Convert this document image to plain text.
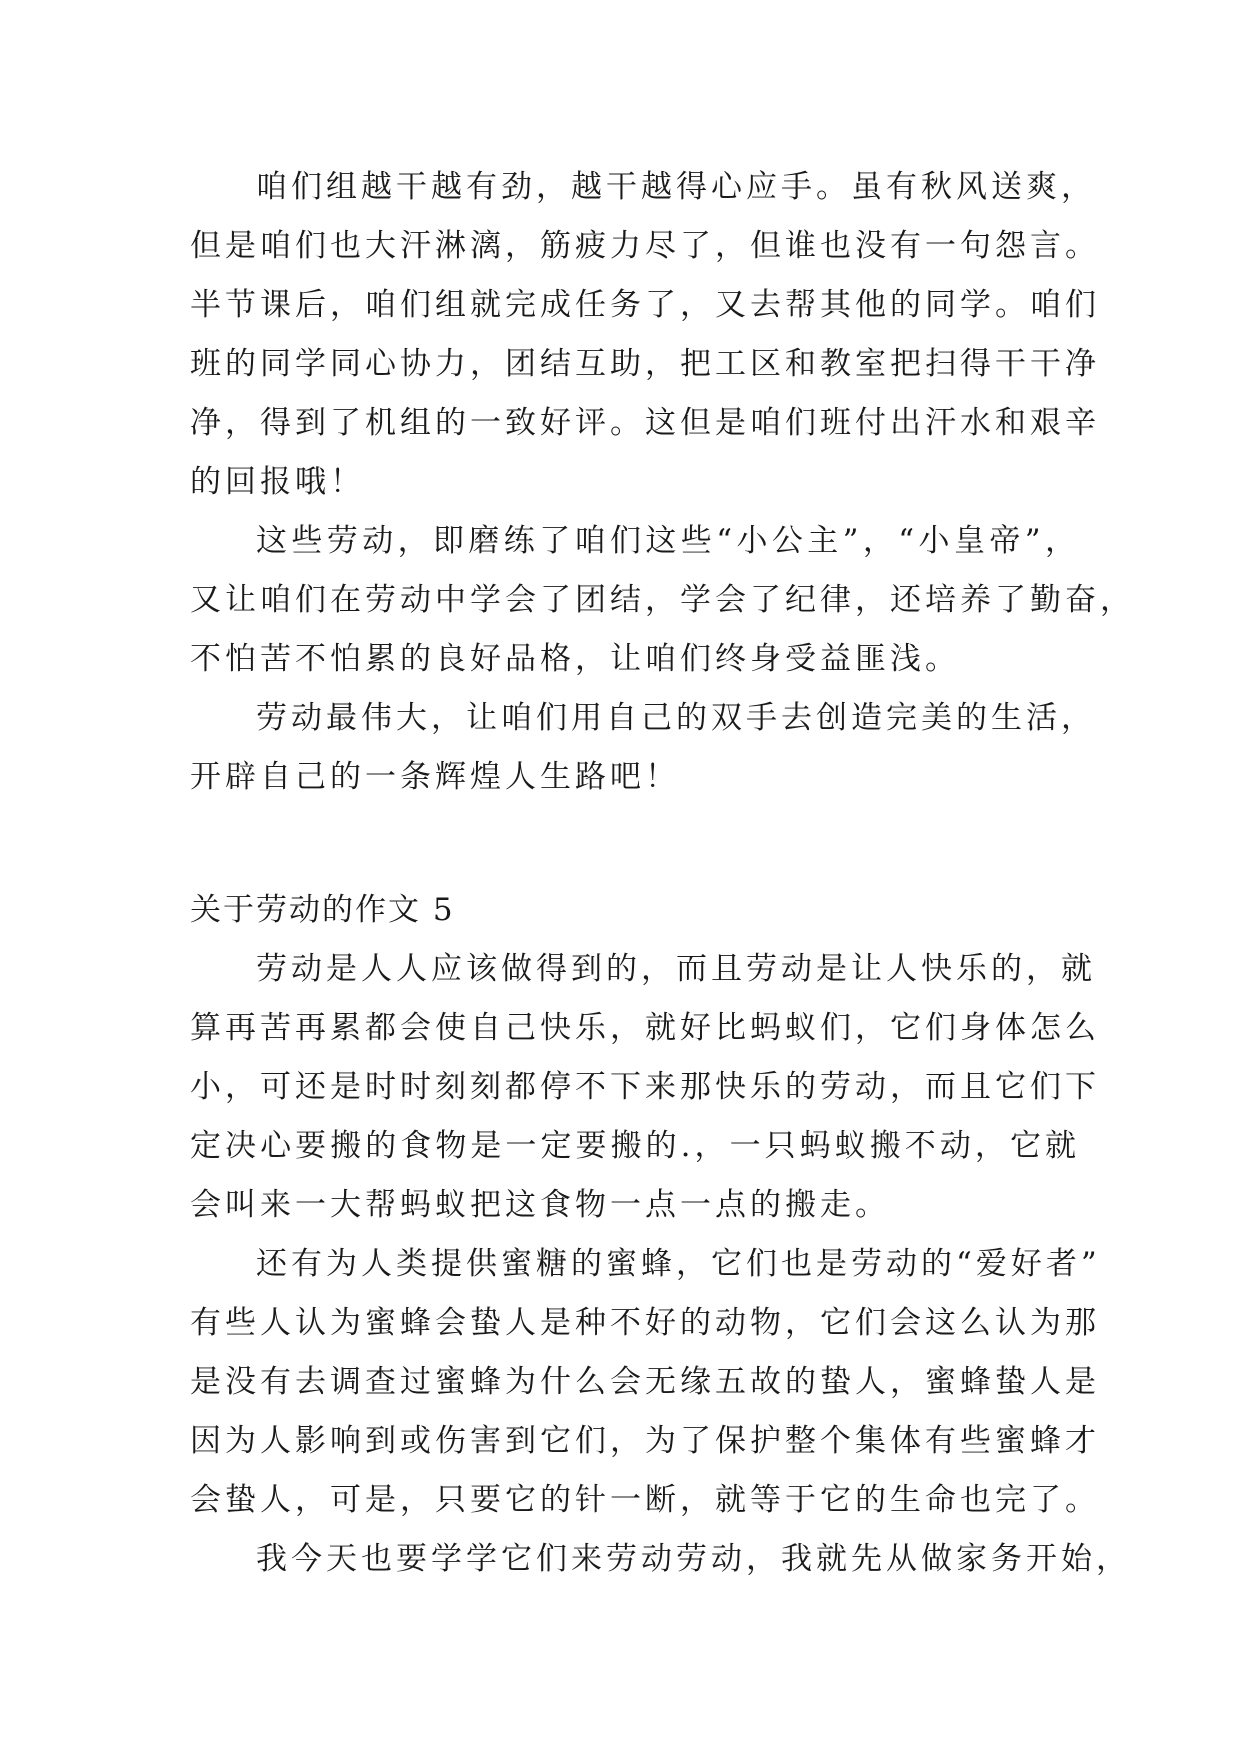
咱们组越干越有劲，越干越得心应手。虽有秋风送爽，
但是咱们也大汗淋漓，筋疲力尽了，但谁也没有一句怨言。
半节课后，咱们组就完成任务了，又去帮其他的同学。咱们
班的同学同心协力，团结互助，把工区和教室把扫得干干净
净，得到了机组的一致好评。这但是咱们班付出汗水和艰辛
的回报哦！
这些劳动，即磨练了咱们这些“小公主”，“小皇帝”，
又让咱们在劳动中学会了团结，学会了纪律，还培养了勤奋，
不怕苦不怕累的良好品格，让咱们终身受益匪浅。
劳动最伟大，让咱们用自己的双手去创造完美的生活，
开辟自己的一条辉煌人生路吧！
关于劳动的作文 5
劳动是人人应该做得到的，而且劳动是让人快乐的，就
算再苦再累都会使自己快乐，就好比蚂蚁们，它们身体怎么
小，可还是时时刻刻都停不下来那快乐的劳动，而且它们下
定决心要搬的食物是一定要搬的.，一只蚂蚁搬不动，它就
会叫来一大帮蚂蚁把这食物一点一点的搬走。
还有为人类提供蜜糖的蜜蜂，它们也是劳动的“爱好者”
有些人认为蜜蜂会蛰人是种不好的动物，它们会这么认为那
是没有去调查过蜜蜂为什么会无缘五故的蛰人，蜜蜂蛰人是
因为人影响到或伤害到它们，为了保护整个集体有些蜜蜂才
会蛰人，可是，只要它的针一断，就等于它的生命也完了。
我今天也要学学它们来劳动劳动，我就先从做家务开始，
